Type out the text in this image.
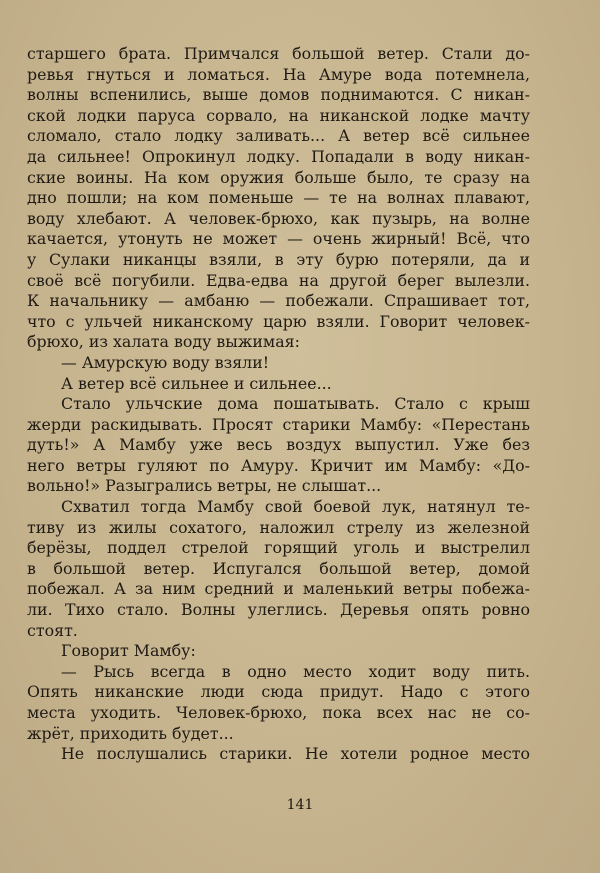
старшего брата. Примчался большой ветер. Стали до-
ревья гнуться и ломаться. На Амуре вода потемнела,
волны вспенились, выше домов поднимаются. С никан-
ской лодки паруса сорвало, на никанской лодке мачту
сломало, стало лодку заливать... А ветер всё сильнее
да сильнее! Опрокинул лодку. Попадали в воду никан-
ские воины. На ком оружия больше было, те сразу на
дно пошли; на ком поменьше — те на волнах плавают,
воду хлебают. А человек-брюхо, как пузырь, на волне
качается, утонуть не может — очень жирный! Всё, что
у Сулаки никанцы взяли, в эту бурю потеряли, да и
своё всё погубили. Едва-едва на другой берег вылезли.
К начальнику — амбаню — побежали. Спрашивает тот,
что с ульчей никанскому царю взяли. Говорит человек-
брюхо, из халата воду выжимая:
— Амурскую воду взяли!
А ветер всё сильнее и сильнее...
Стало ульчские дома пошатывать. Стало с крыш
жерди раскидывать. Просят старики Мамбу: «Перестань
дуть!» А Мамбу уже весь воздух выпустил. Уже без
него ветры гуляют по Амуру. Кричит им Мамбу: «До-
вольно!» Разыгрались ветры, не слышат...
Схватил тогда Мамбу свой боевой лук, натянул те-
тиву из жилы сохатого, наложил стрелу из железной
берёзы, поддел стрелой горящий уголь и выстрелил
в большой ветер. Испугался большой ветер, домой
побежал. А за ним средний и маленький ветры побежа-
ли. Тихо стало. Волны улеглись. Деревья опять ровно
стоят.
Говорит Мамбу:
— Рысь всегда в одно место ходит воду пить.
Опять никанские люди сюда придут. Надо с этого
места уходить. Человек-брюхо, пока всех нас не со-
жрёт, приходить будет...
Не послушались старики. Не хотели родное место
141
